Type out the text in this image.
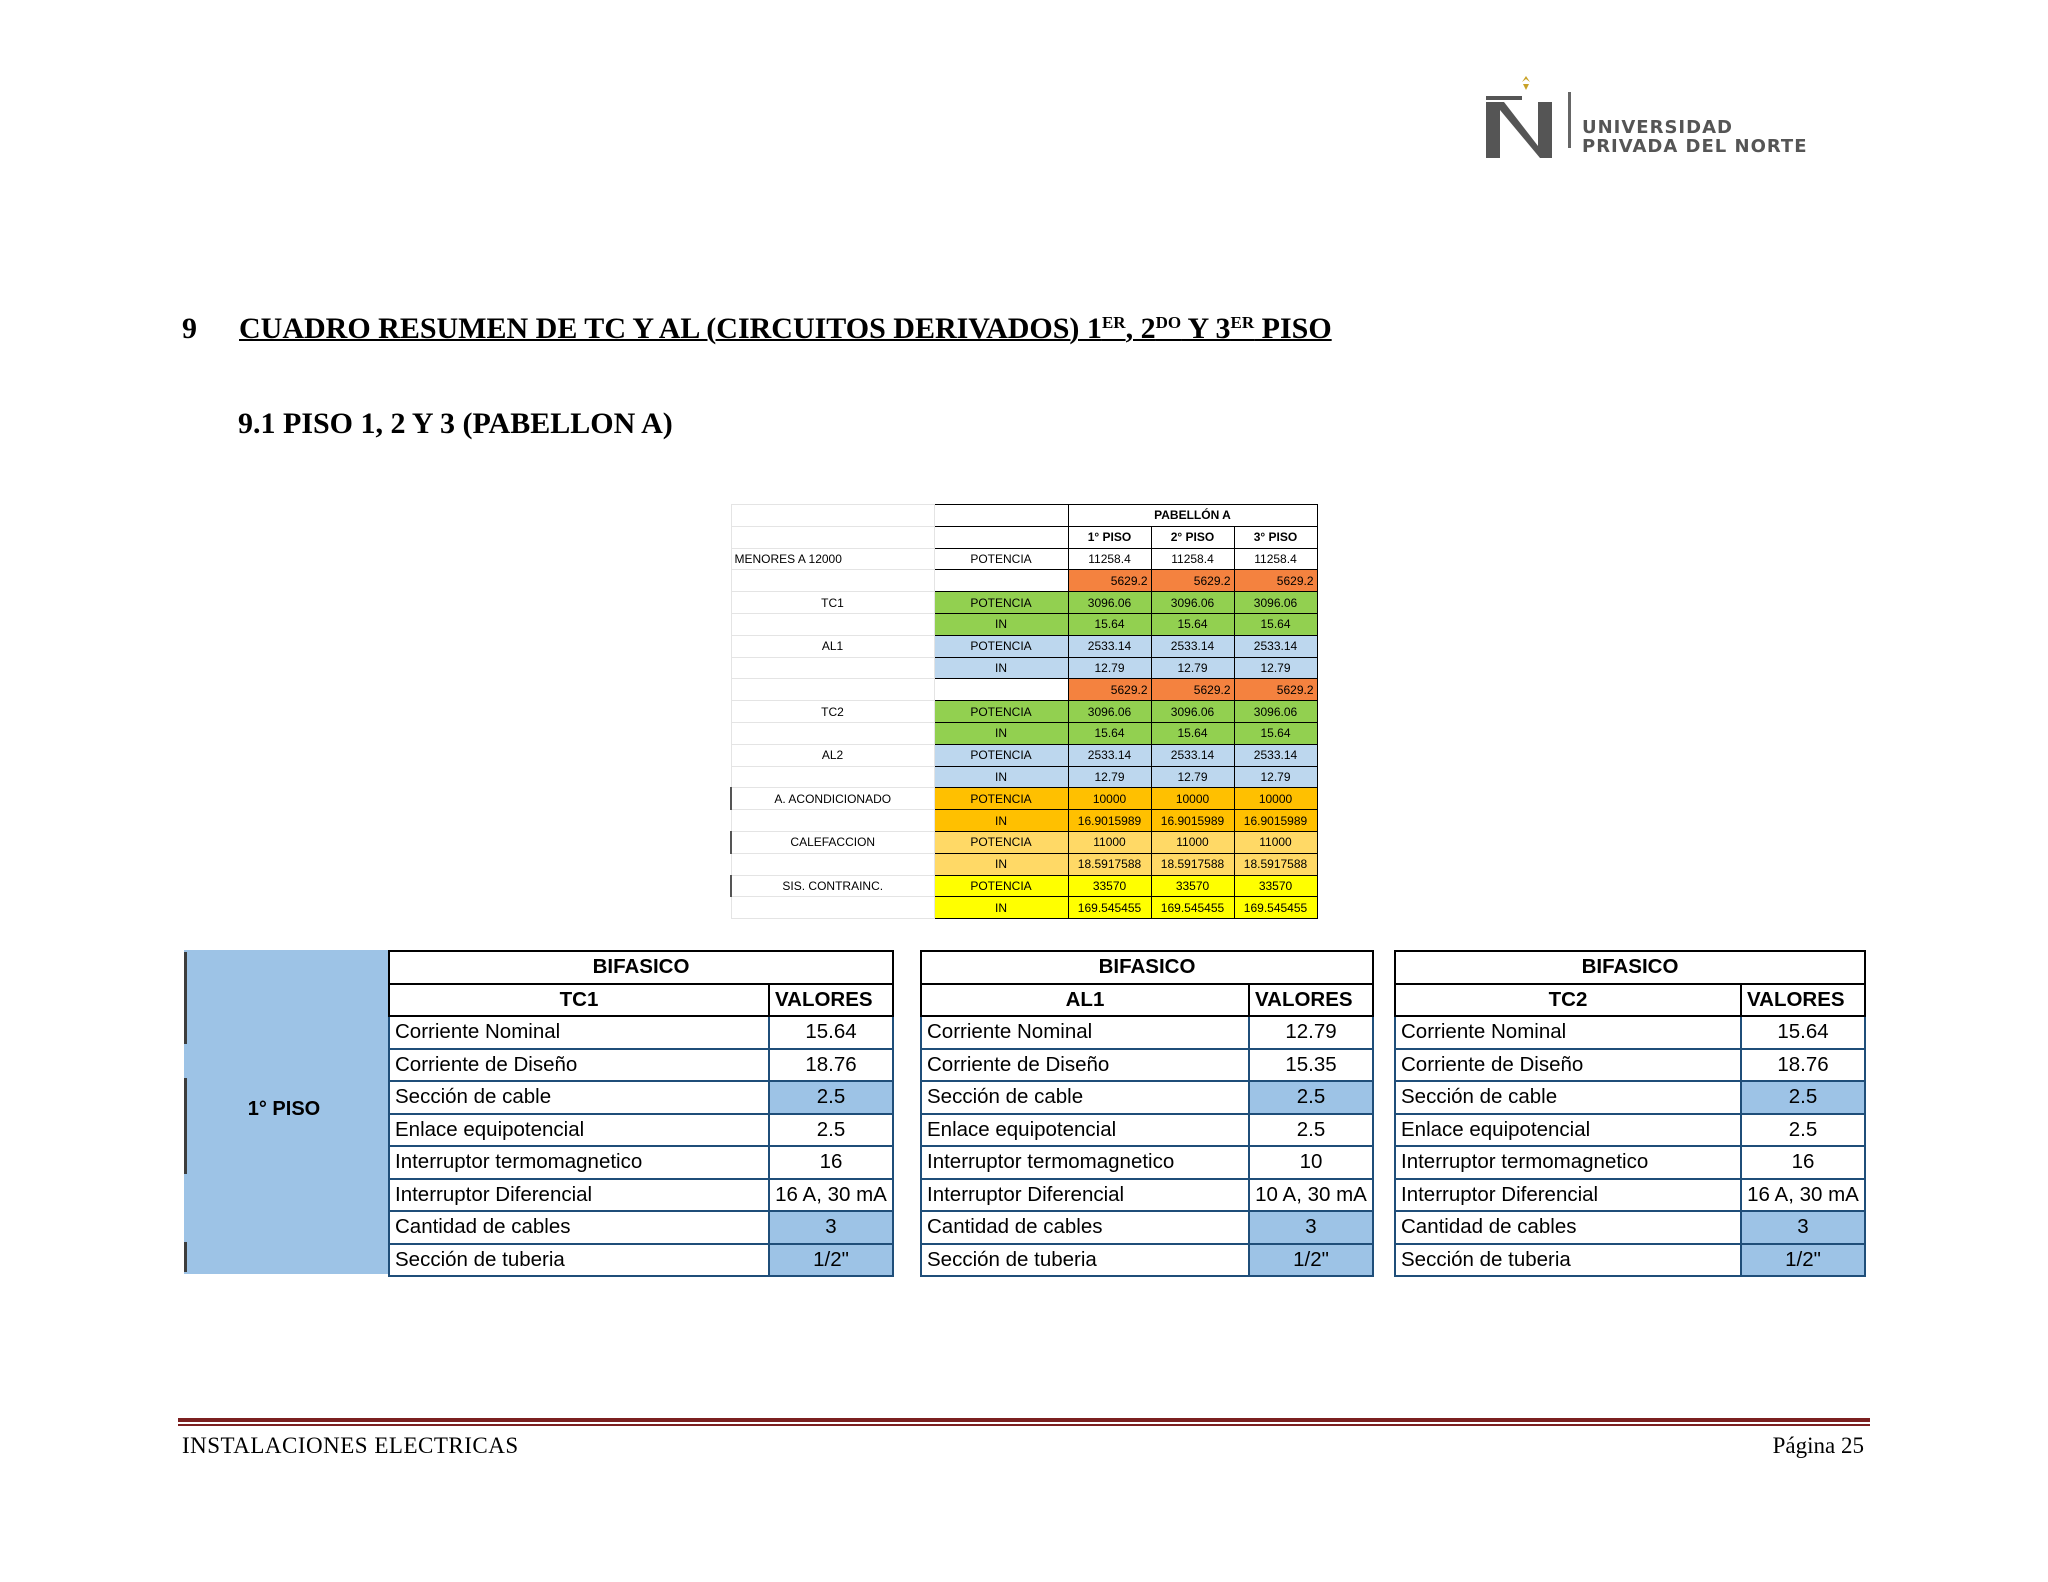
UNIVERSIDAD
PRIVADA DEL NORTE
9 CUADRO RESUMEN DE TC Y AL (CIRCUITOS DERIVADOS) 1ER, $2^{DO}$ Y 3ER PISO
9.1 PISO 1, 2 Y 3 (PABELLON A)
		PABELLÓN A		
		1° PISO	2° PISO	3° PISO
MENORES A 12000	POTENCIA	11258.4	11258.4	11258.4
		5629.2	5629.2	5629.2
TC1	POTENCIA	3096.06	3096.06	3096.06
	IN	15.64	15.64	15.64
AL1	POTENCIA	2533.14	2533.14	2533.14
	IN	12.79	12.79	12.79
		5629.2	5629.2	5629.2
TC2	POTENCIA	3096.06	3096.06	3096.06
	IN	15.64	15.64	15.64
AL2	POTENCIA	2533.14	2533.14	2533.14
	IN	12.79	12.79	12.79
A. ACONDICIONADO	POTENCIA	10000	10000	10000
	IN	16.9015989	16.9015989	16.9015989
CALEFACCION	POTENCIA	11000	11000	11000
	IN	18.5917588	18.5917588	18.5917588
SIS. CONTRAINC.	POTENCIA	33570	33570	33570
	IN	169.545455	169.545455	169.545455
1° PISO
BIFASICO	
TC1	VALORES
Corriente Nominal	15.64
Corriente de Diseño	18.76
Sección de cable	2.5
Enlace equipotencial	2.5
Interruptor termomagnetico	16
Interruptor Diferencial	16 A, 30 mA
Cantidad de cables	3
Sección de tuberia	1/2"
BIFASICO	
AL1	VALORES
Corriente Nominal	12.79
Corriente de Diseño	15.35
Sección de cable	2.5
Enlace equipotencial	2.5
Interruptor termomagnetico	10
Interruptor Diferencial	10 A, 30 mA
Cantidad de cables	3
Sección de tuberia	1/2"
BIFASICO	
TC2	VALORES
Corriente Nominal	15.64
Corriente de Diseño	18.76
Sección de cable	2.5
Enlace equipotencial	2.5
Interruptor termomagnetico	16
Interruptor Diferencial	16 A, 30 mA
Cantidad de cables	3
Sección de tuberia	1/2"
INSTALACIONES ELECTRICAS	Página 25
